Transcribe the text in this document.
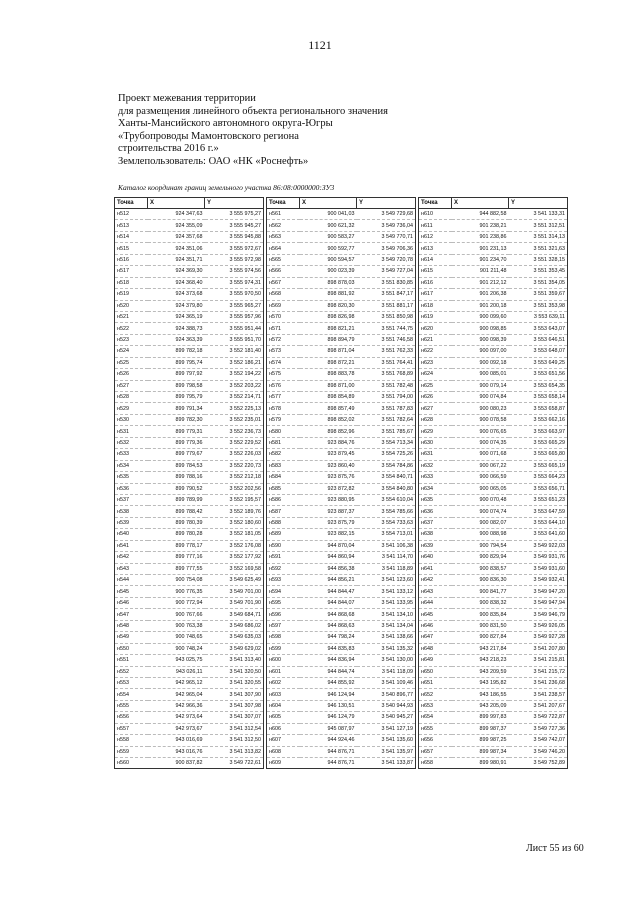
1121
Проект межевания территории
для размещения линейного объекта регионального значения
Ханты-Мансийского автономного округа-Югры
«Трубопроводы Мамонтовского региона
строительства 2016 г.»
Землепользователь: ОАО «НК «Роснефть»
Каталог координат границ земельного участка 86:08:0000000:ЗУ3
Точка	X	Y
н512	924 347,63	3 555 975,27
н513	924 355,09	3 555 945,27
н514	924 357,68	3 555 945,88
н515	924 351,06	3 555 972,67
н516	924 351,71	3 555 972,98
н517	924 369,30	3 555 974,56
н518	924 368,40	3 555 974,31
н519	924 373,68	3 555 970,50
н520	924 379,80	3 555 965,27
н521	924 365,19	3 555 957,96
н522	924 388,73	3 555 951,44
н523	924 363,39	3 555 951,70
н524	899 782,18	3 552 181,40
н525	899 795,74	3 552 186,21
н526	899 797,92	3 552 194,22
н527	899 798,58	3 552 203,22
н528	899 795,79	3 552 214,71
н529	899 791,34	3 552 225,13
н530	899 782,30	3 552 235,01
н531	899 779,31	3 552 236,73
н532	899 779,36	3 552 229,52
н533	899 779,67	3 552 226,03
н534	899 784,53	3 552 220,73
н535	899 788,16	3 552 212,18
н536	899 790,52	3 552 202,56
н537	899 789,99	3 552 195,57
н538	899 788,42	3 552 189,76
н539	899 780,39	3 552 180,60
н540	899 780,28	3 552 181,05
н541	899 778,17	3 552 176,08
н542	899 777,16	3 552 177,92
н543	899 777,55	3 552 169,58
н544	900 754,08	3 549 625,49
н545	900 776,35	3 549 701,00
н546	900 772,94	3 549 701,90
н547	900 767,66	3 549 684,71
н548	900 763,38	3 549 686,02
н549	900 748,65	3 549 635,03
н550	900 748,24	3 549 629,02
н551	943 025,75	3 541 313,40
н552	943 026,11	3 541 320,50
н553	942 965,12	3 541 320,55
н554	942 965,04	3 541 307,90
н555	942 966,36	3 541 307,98
н556	942 973,64	3 541 307,07
н557	942 973,67	3 541 312,54
н558	943 016,69	3 541 312,50
н559	943 016,76	3 541 313,82
н560	900 837,82	3 549 722,61
Точка	X	Y
н561	900 041,03	3 549 729,68
н562	900 621,32	3 549 736,04
н563	900 583,27	3 549 770,71
н564	900 592,77	3 549 706,36
н565	900 594,57	3 549 720,78
н566	900 023,39	3 549 727,04
н567	898 878,03	3 551 830,85
н568	898 881,92	3 551 847,17
н569	898 820,30	3 551 881,17
н570	898 826,98	3 551 850,98
н571	898 821,21	3 551 744,75
н572	898 894,79	3 551 746,58
н573	898 871,04	3 551 762,33
н574	898 872,21	3 551 764,41
н575	898 883,78	3 551 768,89
н576	898 871,00	3 551 782,48
н577	898 854,89	3 551 794,00
н578	898 857,49	3 551 787,83
н579	898 852,02	3 551 782,64
н580	898 852,96	3 551 785,67
н581	923 884,76	3 554 713,34
н582	923 879,45	3 554 725,26
н583	923 860,40	3 554 784,86
н584	923 875,76	3 554 840,71
н585	923 872,82	3 554 840,80
н586	923 880,95	3 554 610,04
н587	923 887,37	3 554 785,66
н588	923 875,79	3 554 733,63
н589	923 882,15	3 554 713,01
н590	944 870,04	3 541 106,38
н591	944 860,94	3 541 114,70
н592	944 856,38	3 541 118,89
н593	944 856,21	3 541 123,60
н594	944 844,47	3 541 133,12
н595	944 844,07	3 541 133,95
н596	944 868,68	3 541 134,10
н597	944 868,63	3 541 134,04
н598	944 798,24	3 541 138,66
н599	944 835,83	3 541 135,32
н600	944 836,94	3 541 130,00
н601	944 844,74	3 541 118,09
н602	944 855,92	3 541 109,46
н603	946 124,94	3 540 896,77
н604	946 130,51	3 540 944,93
н605	946 124,79	3 540 945,27
н606	945 087,97	3 541 127,19
н607	944 924,46	3 541 135,60
н608	944 876,71	3 541 135,97
н609	944 876,71	3 541 133,87
Точка	X	Y
н610	944 882,58	3 541 133,31
н611	901 238,21	3 551 312,51
н612	901 238,86	3 551 314,13
н613	901 231,13	3 551 321,63
н614	901 234,70	3 551 328,15
н615	901 211,48	3 551 353,45
н616	901 212,12	3 551 354,05
н617	901 206,38	3 551 359,67
н618	901 200,18	3 551 353,98
н619	900 099,60	3 553 639,11
н620	900 098,85	3 553 643,07
н621	900 098,39	3 553 646,51
н622	900 097,00	3 553 648,07
н623	900 092,18	3 553 649,25
н624	900 085,01	3 553 651,56
н625	900 079,14	3 553 654,35
н626	900 074,84	3 553 658,14
н627	900 080,23	3 553 658,87
н628	900 078,58	3 553 662,16
н629	900 076,65	3 553 663,97
н630	900 074,35	3 553 665,29
н631	900 071,68	3 553 665,80
н632	900 067,22	3 553 665,19
н633	900 066,59	3 553 664,23
н634	900 065,05	3 553 656,71
н635	900 070,48	3 553 651,23
н636	900 074,74	3 553 647,59
н637	900 082,07	3 553 644,10
н638	900 088,98	3 553 641,60
н639	900 794,54	3 549 922,03
н640	900 829,94	3 549 931,76
н641	900 838,57	3 549 931,60
н642	900 836,30	3 549 932,41
н643	900 841,77	3 549 947,20
н644	900 838,32	3 549 947,94
н645	900 835,84	3 549 946,79
н646	900 831,50	3 549 926,05
н647	900 827,84	3 549 927,28
н648	943 217,84	3 541 207,80
н649	943 218,23	3 541 215,81
н650	943 209,59	3 541 215,72
н651	943 195,82	3 541 236,68
н652	943 186,55	3 541 238,57
н653	943 205,09	3 541 207,67
н654	899 997,83	3 549 722,87
н655	899 987,37	3 549 727,36
н656	899 987,25	3 549 742,07
н657	899 987,34	3 549 746,20
н658	899 980,91	3 549 752,89
Лист 55 из 60
